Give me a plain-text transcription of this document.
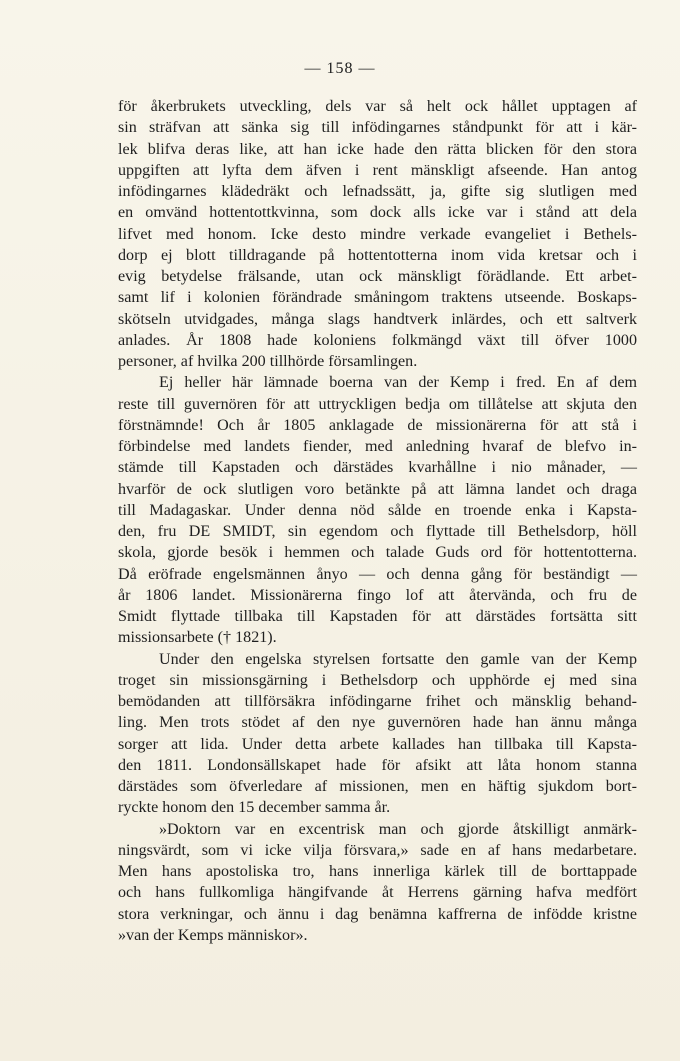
— 158 —
för åkerbrukets utveckling, dels var så helt ock hållet upptagen af
sin sträfvan att sänka sig till infödingarnes ståndpunkt för att i kär-
lek blifva deras like, att han icke hade den rätta blicken för den stora
uppgiften att lyfta dem äfven i rent mänskligt afseende. Han antog
infödingarnes klädedräkt och lefnadssätt, ja, gifte sig slutligen med
en omvänd hottentottkvinna, som dock alls icke var i stånd att dela
lifvet med honom. Icke desto mindre verkade evangeliet i Bethels-
dorp ej blott tilldragande på hottentotterna inom vida kretsar och i
evig betydelse frälsande, utan ock mänskligt förädlande. Ett arbet-
samt lif i kolonien förändrade småningom traktens utseende. Boskaps-
skötseln utvidgades, många slags handtverk inlärdes, och ett saltverk
anlades. År 1808 hade koloniens folkmängd växt till öfver 1000
personer, af hvilka 200 tillhörde församlingen.
Ej heller här lämnade boerna van der Kemp i fred. En af dem
reste till guvernören för att uttryckligen bedja om tillåtelse att skjuta den
förstnämnde! Och år 1805 anklagade de missionärerna för att stå i
förbindelse med landets fiender, med anledning hvaraf de blefvo in-
stämde till Kapstaden och därstädes kvarhållne i nio månader, —
hvarför de ock slutligen voro betänkte på att lämna landet och draga
till Madagaskar. Under denna nöd sålde en troende enka i Kapsta-
den, fru DE SMIDT, sin egendom och flyttade till Bethelsdorp, höll
skola, gjorde besök i hemmen och talade Guds ord för hottentotterna.
Då eröfrade engelsmännen ånyo — och denna gång för beständigt —
år 1806 landet. Missionärerna fingo lof att återvända, och fru de
Smidt flyttade tillbaka till Kapstaden för att därstädes fortsätta sitt
missionsarbete († 1821).
Under den engelska styrelsen fortsatte den gamle van der Kemp
troget sin missionsgärning i Bethelsdorp och upphörde ej med sina
bemödanden att tillförsäkra infödingarne frihet och mänsklig behand-
ling. Men trots stödet af den nye guvernören hade han ännu många
sorger att lida. Under detta arbete kallades han tillbaka till Kapsta-
den 1811. Londonsällskapet hade för afsikt att låta honom stanna
därstädes som öfverledare af missionen, men en häftig sjukdom bort-
ryckte honom den 15 december samma år.
»Doktorn var en excentrisk man och gjorde åtskilligt anmärk-
ningsvärdt, som vi icke vilja försvara,» sade en af hans medarbetare.
Men hans apostoliska tro, hans innerliga kärlek till de borttappade
och hans fullkomliga hängifvande åt Herrens gärning hafva medfört
stora verkningar, och ännu i dag benämna kaffrerna de infödde kristne
»van der Kemps människor».
